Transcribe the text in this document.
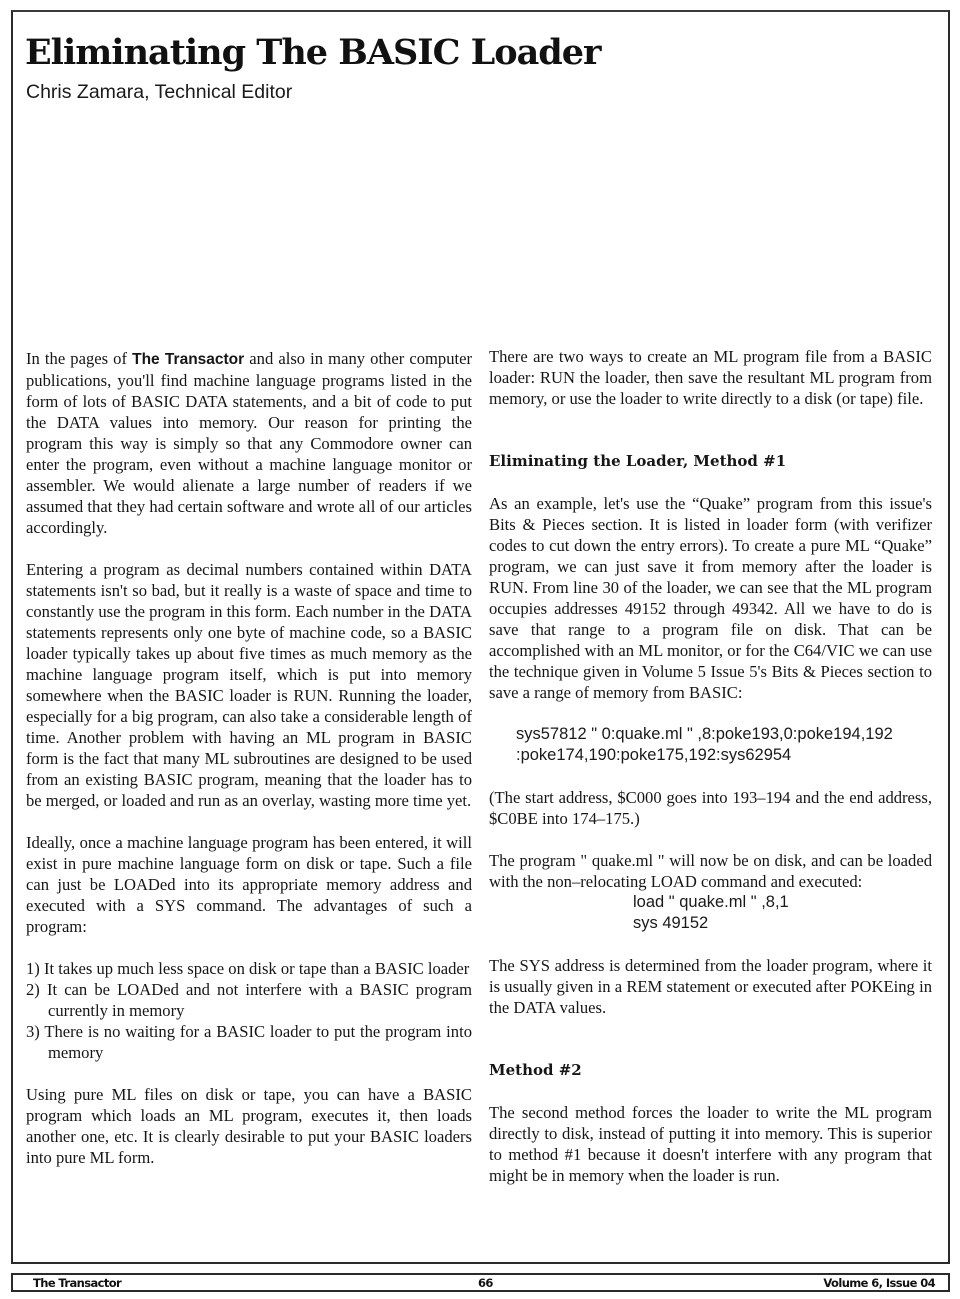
Eliminating The BASIC Loader
Chris Zamara, Technical Editor

In the pages of The Transactor and also in many other computer publications, you'll find machine language programs listed in the form of lots of BASIC DATA statements, and a bit of code to put the DATA values into memory. Our reason for printing the program this way is simply so that any Commodore owner can enter the program, even without a machine language monitor or assembler. We would alienate a large number of readers if we assumed that they had certain software and wrote all of our articles accordingly.

Entering a program as decimal numbers contained within DATA statements isn't so bad, but it really is a waste of space and time to constantly use the program in this form. Each number in the DATA statements represents only one byte of machine code, so a BASIC loader typically takes up about five times as much memory as the machine language program itself, which is put into memory somewhere when the BASIC loader is RUN. Running the loader, especially for a big program, can also take a considerable length of time. Another problem with having an ML program in BASIC form is the fact that many ML subroutines are designed to be used from an existing BASIC program, meaning that the loader has to be merged, or loaded and run as an overlay, wasting more time yet.

Ideally, once a machine language program has been entered, it will exist in pure machine language form on disk or tape. Such a file can just be LOADed into its appropriate memory address and executed with a SYS command. The advantages of such a program:

1) It takes up much less space on disk or tape than a BASIC loader
2) It can be LOADed and not interfere with a BASIC program currently in memory
3) There is no waiting for a BASIC loader to put the program into memory

Using pure ML files on disk or tape, you can have a BASIC program which loads an ML program, executes it, then loads another one, etc. It is clearly desirable to put your BASIC loaders into pure ML form.

There are two ways to create an ML program file from a BASIC loader: RUN the loader, then save the resultant ML program from memory, or use the loader to write directly to a disk (or tape) file.

Eliminating the Loader, Method #1

As an example, let's use the “Quake” program from this issue's Bits & Pieces section. It is listed in loader form (with verifizer codes to cut down the entry errors). To create a pure ML “Quake” program, we can just save it from memory after the loader is RUN. From line 30 of the loader, we can see that the ML program occupies addresses 49152 through 49342. All we have to do is save that range to a program file on disk. That can be accomplished with an ML monitor, or for the C64/VIC we can use the technique given in Volume 5 Issue 5's Bits & Pieces section to save a range of memory from BASIC:

sys57812 " 0:quake.ml " ,8:poke193,0:poke194,192
:poke174,190:poke175,192:sys62954

(The start address, $C000 goes into 193–194 and the end address, $C0BE into 174–175.)

The program " quake.ml " will now be on disk, and can be loaded with the non–relocating LOAD command and executed:

load " quake.ml " ,8,1
sys 49152

The SYS address is determined from the loader program, where it is usually given in a REM statement or executed after POKEing in the DATA values.

Method #2

The second method forces the loader to write the ML program directly to disk, instead of putting it into memory. This is superior to method #1 because it doesn't interfere with any program that might be in memory when the loader is run.

The Transactor	66	Volume 6, Issue 04
